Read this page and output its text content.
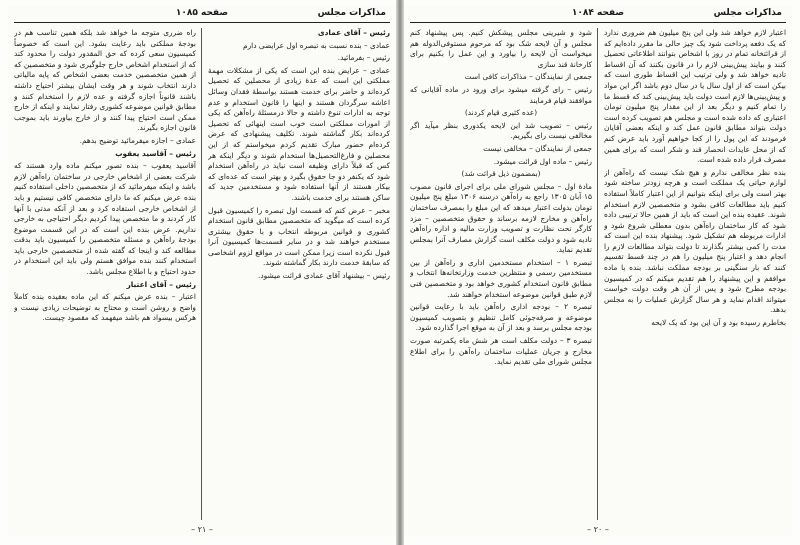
مذاکرات مجلس
صفحه ۱۰۸۵

رئیس – آقای عمادی

عمادی – بنده نسبت به تبصره اول عرایضی دارم

رئیس – بفرمائید.

عمادی – عرایض بنده این است که یکی از مشکلات مهمهٔ مملکتی این است که عدهٔ زیادی از محصلین که تحصیل کرده‌اند و حاضر برای خدمت هستند بواسطهٔ فقدان وسائل اعاشه سرگردان هستند و اینها را قانون استخدام و عدم توجه به ادارات تنوع داشته و حالا درمسئلهٔ راه‌آهن که یکی از امورات مملکتی است خوب است اینهائی که تحصیل کرده‌اند بکار گماشته شوند. تکلیف پیشنهادی که عرض کرده‌ام حضور مبارک تقدیم کردم میخواستم که از این محصلین و فارغ‌التحصیل‌ها استخدام شوند و دیگر اینکه هر کس که قبلاً دارای وظیفه است نباید در راه‌آهن استخدام شود که یکنفر دو جا حقوق بگیرد و بهتر است که عده‌ای که بیکار هستند از آنها استفاده شود و مستخدمین جدید که ساکن هستند برای خدمت باشند.

مخبر – عرض کنم که قسمت اول تبصره را کمیسیون قبول کرده است که میگوید که متخصصین مطابق قانون استخدام کشوری و قوانین مربوطه انتخاب و با حقوق بیشتری مستخدم خواهند شد و در سایر قسمت‌ها کمیسیون آنرا قبول نکرده است زیرا ممکن است در مواقع لزوم اشخاصی که سابقهٔ خدمت دارند بکار گماشته شوند.

رئیس – بیشنهاد آقای عمادی قرائت میشود.

راه ضرری متوجه ما خواهد شد بلکه همین تناسب هم در بودجهٔ مملکتی باید رعایت بشود. این است که خصوصاً کمیسیون سعی کرده که حق المقدور دولت را محدود کند که از استخدام اشخاص خارج جلوگیری شود و متخصصین که از همین متخصصین خدمت بعضی اشخاص که پایه مالیاتی دارند انتخاب شوند و هر وقت ایشان بیشتر احتیاج داشته باشند قانوناً اجازه گرفته و عده لازم را استخدام کنند و مطابق قوانین موضوعه کشوری رفتار نمایند و اینکه از خارج ممکن است احتیاج پیدا کنند و از خارج بیاورند باید بموجب قانون اجازه بگیرند.

عمادی – اجازه میفرمائید توضیح بدهم.

رئیس – آقاسید یعقوب

آقاسید یعقوب – بنده تصور میکنم ماده وارد هستند که شرکت بعضی از اشخاص خارجی در ساختمان راه‌آهن لازم باشد و اینکه میفرمائید که از متخصصین داخلی استفاده کنیم بنده عرض میکنم که ما دارای متخصص کافی نیستیم و باید از اشخاص خارجی استفاده کرد و بعد از آنکه مدتی با آنها کار کردند و ما متخصص پیدا کردیم دیگر احتیاجی به خارجی نداریم. عرض بنده این است که در این قسمت موضوع بودجهٔ راه‌آهن و مسئله متخصصین را کمیسیون باید بدقت مطالعه کند و اینجا که گفته شده از متخصصین خارجی باید استخدام کنند بنده موافق هستم ولی باید این استخدام در حدود احتیاج و با اطلاع مجلس باشد.

رئیس – آقای اعتبار

اعتبار – بنده عرض میکنم که این ماده بعقیده بنده کاملاً واضح و روشن است و محتاج به توضیحات زیادی نیست و هرکس بیسواد هم باشد میفهمد که مقصود چیست.

– ۲۱ –
مذاکرات مجلس
صفحه ۱۰۸۴

اعتبار لازم خواهد شد ولی این پنج میلیون هم ضروری ندارد که یک دفعه پرداخت شود یک چیز حالی ما مقرر داده‌ایم که از قرائتخانه تمام در روز با اشخاص بتوانند اطلاعاتی تحصیل کنند و بیایند پیش‌بینی لازم را در قانون بکنند که آن اقساط تادیه خواهد شد و ولی ترتیب این اقساط طوری است که بیکن است که از اول سال یا در سال دوم باشد اگر این مواد و پیش‌بینی‌ها لازم است دولت باید پیش‌بینی کند که قسط ما را تمام کنیم و دیگر بعد از این مقدار پنج میلیون تومان اعتباری که داده شده است و مجلس هم تصویب کرده است دولت بتواند مطابق قانون عمل کند و اینکه بعضی آقایان فرمودند که این پول را از کجا خواهیم آورد باید عرض کنم که از محل عایدات انحصار قند و شکر است که برای همین مصرف قرار داده شده است.

بنده نظر مخالفی ندارم و هیچ شک نیست که راه‌آهن از لوازم حیاتی یک مملکت است و هرچه زودتر ساخته شود بهتر است ولی برای اینکه بتوانیم از این اعتبار کاملاً استفاده کنیم باید مطالعات کافی بشود و متخصصین لازم استخدام شوند. عقیده بنده این است که باید از همین حالا ترتیبی داده شود که کار ساختمان راه‌آهن بدون معطلی شروع شود و ادارات مربوطه هم تشکیل شود. پیشنهاد بنده این است که مدت را کمی بیشتر بگذارند تا دولت بتواند مطالعات لازم را انجام دهد و اعتبار پنج میلیون را هم در چند قسط تقسیم کنند که بار سنگینی بر بودجه مملکت نباشد. بنده با ماده موافقم و این پیشنهاد را هم تقدیم میکنم که در کمیسیون بودجه مطرح شود و پس از آن هر وقت دولت خواست میتواند اقدام نماید و هر سال گزارش عملیات را به مجلس بدهد.

بخاطرم رسیده بود و آن این بود که یک لایحه

شود و شیرینی مجلس پیشکش کنیم. پس پیشنهاد کنم مجلس و آن لایحه شک بود که مرحوم مستوفی‌الدوله هم میخواست آن لایحه را بیاورد و این عمل را بکنیم برای کارخانهٔ قند سازی

جمعی از نمایندگان – مذاکرات کافی است

رئیس – رای گرفته میشود برای ورود در ماده آقایانی که موافقند قیام فرمایند

(عده کثیری قیام کردند)

رئیس – تصویب شد این لایحه یکدوری بنظر میآید اگر مخالفی نیست رای بگیریم.

جمعی از نمایندگان – مخالفی نیست

رئیس – ماده اول قرائت میشود.

(بمضمون ذیل قرائت شد)

مادهٔ اول – مجلس شورای ملی برای اجرای قانون مصوب ۱۵ آبان ۱۳۰۵ راجع به راه‌آهن درسنه ۱۳۰۶ مبلغ پنج میلیون تومان بدولت اعتبار میدهد که این مبلغ را بمصرف ساختمان راه‌آهن و مخارج لازمه برساند و حقوق متخصصین – مزد کارگر تحت نظارت و تصویب وزارت مالیه و اداره راه‌آهن تادیه شود و دولت مکلف است گزارش مصارف آنرا بمجلس تقدیم نماید.

تبصره ۱ – استخدام مستخدمین اداری و راه‌آهن از بین مستخدمین رسمی و منتظرین خدمت وزارتخانه‌ها انتخاب و مطابق قانون استخدام کشوری خواهد بود و متخصصین فنی لازم طبق قوانین موضوعه استخدام خواهند شد.

تبصره ۲ – بودجه اداری راه‌آهن باید با رعایت قوانین موضوعه و صرفه‌جوئی کامل تنظیم و بتصویب کمیسیون بودجه مجلس برسد و بعد از آن به موقع اجرا گذارده شود.

تبصره ۳ – دولت مکلف است هر شش ماه یکمرتبه صورت مخارج و جریان عملیات ساختمان راه‌آهن را برای اطلاع مجلس شورای ملی تقدیم نماید.

– ۲۰ –
